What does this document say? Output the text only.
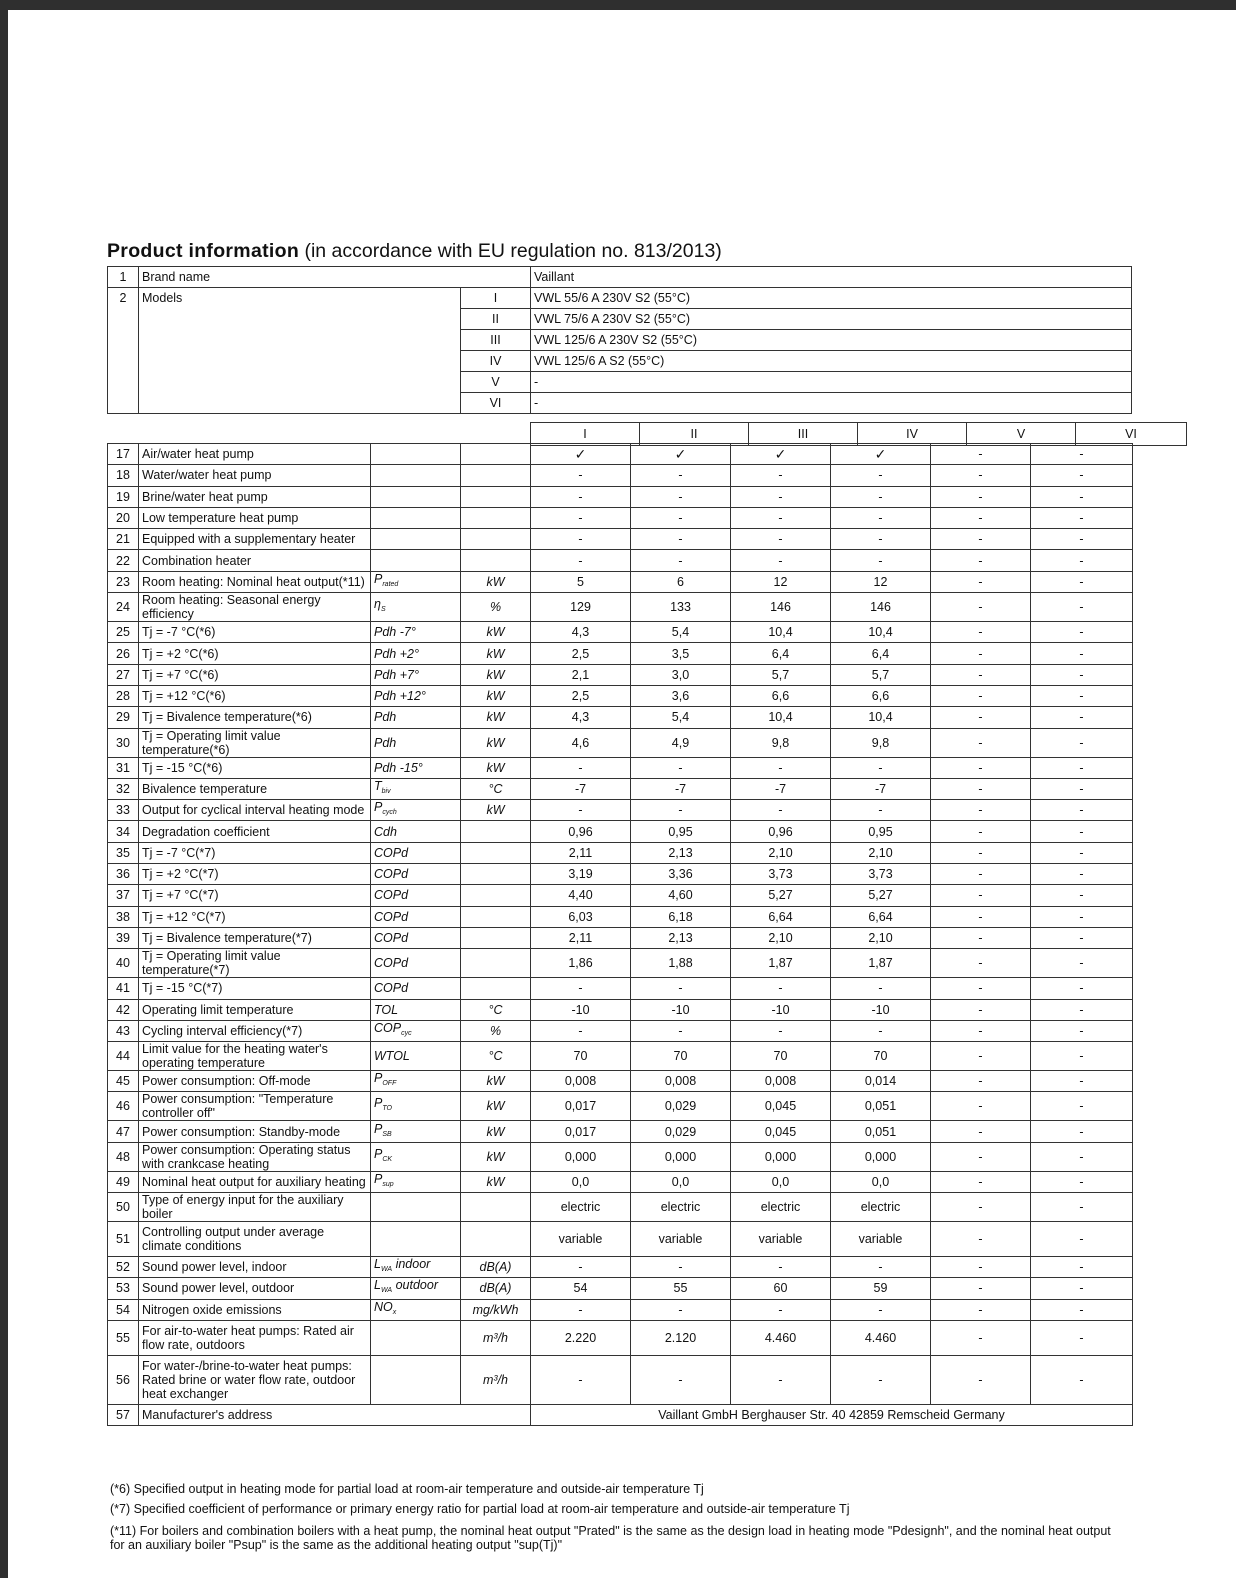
Product information (in accordance with EU regulation no. 813/2013)
1	Brand name		Vaillant
2	Models	I	VWL 55/6 A 230V S2 (55°C)
		II	VWL 75/6 A 230V S2 (55°C)
		III	VWL 125/6 A 230V S2 (55°C)
		IV	VWL 125/6 A S2 (55°C)
		V	-
		VI	-
I	II	III	IV	V	VI
17	Air/water heat pump			✓	✓	✓	✓	-	-
18	Water/water heat pump			-	-	-	-	-	-
19	Brine/water heat pump			-	-	-	-	-	-
20	Low temperature heat pump			-	-	-	-	-	-
21	Equipped with a supplementary heater			-	-	-	-	-	-
22	Combination heater			-	-	-	-	-	-
23	Room heating: Nominal heat output(*11)	$P_{rated}$	kW	5	6	12	12	-	-
24	Room heating: Seasonal energy efficiency	$\eta_S$	%	129	133	146	146	-	-
25	Tj = -7 °C(*6)	Pdh -7°	kW	4,3	5,4	10,4	10,4	-	-
26	Tj = +2 °C(*6)	Pdh +2°	kW	2,5	3,5	6,4	6,4	-	-
27	Tj = +7 °C(*6)	Pdh +7°	kW	2,1	3,0	5,7	5,7	-	-
28	Tj = +12 °C(*6)	Pdh +12°	kW	2,5	3,6	6,6	6,6	-	-
29	Tj = Bivalence temperature(*6)	Pdh	kW	4,3	5,4	10,4	10,4	-	-
30	Tj = Operating limit value temperature(*6)	Pdh	kW	4,6	4,9	9,8	9,8	-	-
31	Tj = -15 °C(*6)	Pdh -15°	kW	-	-	-	-	-	-
32	Bivalence temperature	$T_{biv}$	°C	-7	-7	-7	-7	-	-
33	Output for cyclical interval heating mode	$P_{cych}$	kW	-	-	-	-	-	-
34	Degradation coefficient	Cdh		0,96	0,95	0,96	0,95	-	-
35	Tj = -7 °C(*7)	COPd		2,11	2,13	2,10	2,10	-	-
36	Tj = +2 °C(*7)	COPd		3,19	3,36	3,73	3,73	-	-
37	Tj = +7 °C(*7)	COPd		4,40	4,60	5,27	5,27	-	-
38	Tj = +12 °C(*7)	COPd		6,03	6,18	6,64	6,64	-	-
39	Tj = Bivalence temperature(*7)	COPd		2,11	2,13	2,10	2,10	-	-
40	Tj = Operating limit value temperature(*7)	COPd		1,86	1,88	1,87	1,87	-	-
41	Tj = -15 °C(*7)	COPd		-	-	-	-	-	-
42	Operating limit temperature	TOL	°C	-10	-10	-10	-10	-	-
43	Cycling interval efficiency(*7)	$COP_{cyc}$	%	-	-	-	-	-	-
44	Limit value for the heating water's operating temperature	WTOL	°C	70	70	70	70	-	-
45	Power consumption: Off-mode	$P_{OFF}$	kW	0,008	0,008	0,008	0,014	-	-
46	Power consumption: "Temperature controller off"	$P_{TO}$	kW	0,017	0,029	0,045	0,051	-	-
47	Power consumption: Standby-mode	$P_{SB}$	kW	0,017	0,029	0,045	0,051	-	-
48	Power consumption: Operating status with crankcase heating	$P_{CK}$	kW	0,000	0,000	0,000	0,000	-	-
49	Nominal heat output for auxiliary heating	$P_{sup}$	kW	0,0	0,0	0,0	0,0	-	-
50	Type of energy input for the auxiliary boiler			electric	electric	electric	electric	-	-
51	Controlling output under average climate conditions			variable	variable	variable	variable	-	-
52	Sound power level, indoor	$L_{WA}$ indoor	dB(A)	-	-	-	-	-	-
53	Sound power level, outdoor	$L_{WA}$ outdoor	dB(A)	54	55	60	59	-	-
54	Nitrogen oxide emissions	$NO_x$	mg/kWh	-	-	-	-	-	-
55	For air-to-water heat pumps: Rated air flow rate, outdoors		m³/h	2.220	2.120	4.460	4.460	-	-
56	For water-/brine-to-water heat pumps: Rated brine or water flow rate, outdoor heat exchanger		m³/h	-	-	-	-	-	-
57	Manufacturer's address			Vaillant GmbH Berghauser Str. 40 42859 Remscheid Germany					
(*6) Specified output in heating mode for partial load at room-air temperature and outside-air temperature Tj
(*7) Specified coefficient of performance or primary energy ratio for partial load at room-air temperature and outside-air temperature Tj
(*11) For boilers and combination boilers with a heat pump, the nominal heat output "Prated" is the same as the design load in heating mode "Pdesignh", and the nominal heat output for an auxiliary boiler "Psup" is the same as the additional heating output "sup(Tj)"
